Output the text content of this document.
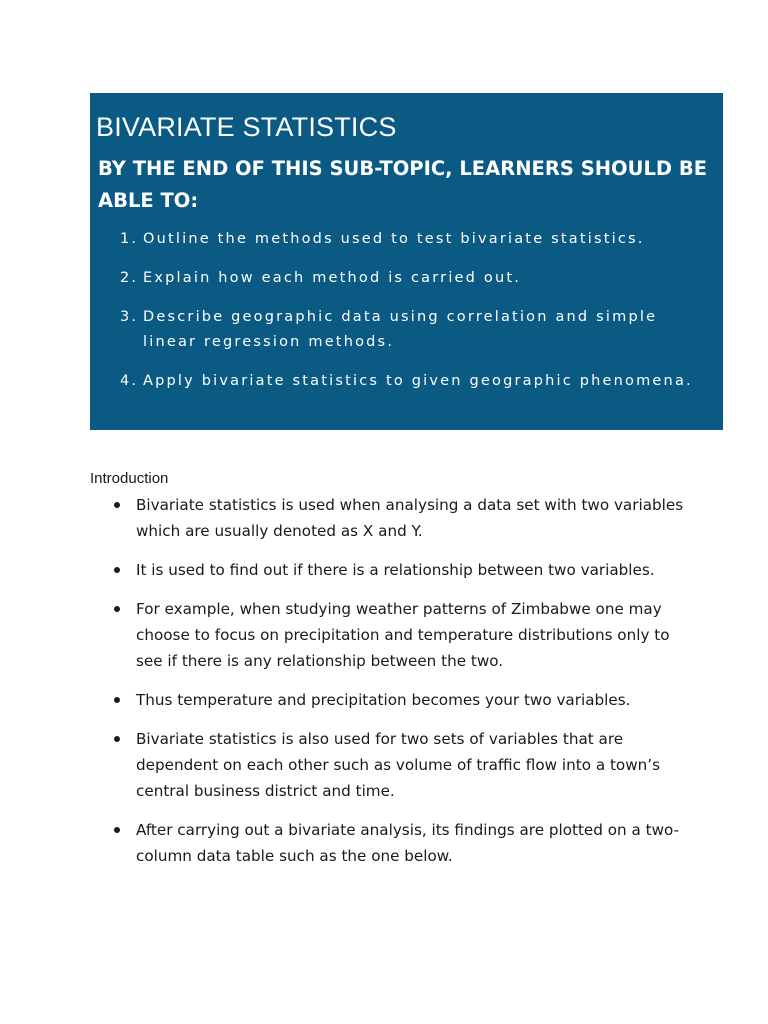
BIVARIATE STATISTICS
BY THE END OF THIS SUB-TOPIC, LEARNERS SHOULD BE ABLE TO:
1. Outline the methods used to test bivariate statistics.
2. Explain how each method is carried out.
3. Describe geographic data using correlation and simple linear regression methods.
4. Apply bivariate statistics to given geographic phenomena.
Introduction
Bivariate statistics is used when analysing a data set with two variables which are usually denoted as X and Y.
It is used to find out if there is a relationship between two variables.
For example, when studying weather patterns of Zimbabwe one may choose to focus on precipitation and temperature distributions only to see if there is any relationship between the two.
Thus temperature and precipitation becomes your two variables.
Bivariate statistics is also used for two sets of variables that are dependent on each other such as volume of traffic flow into a town’s central business district and time.
After carrying out a bivariate analysis, its findings are plotted on a two-column data table such as the one below.
